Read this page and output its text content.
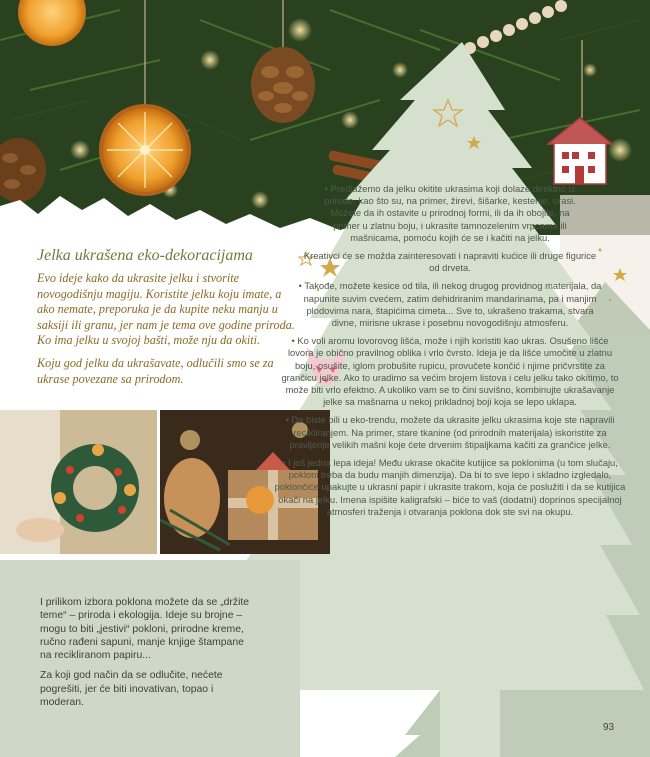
Jelka ukrašena eko-dekoracijama

Evo ideje kako da ukrasite jelku i stvorite novogodišnju magiju. Koristite jelku koju imate, a ako nemate, preporuka je da kupite neku manju u saksiji ili granu, jer nam je tema ove godine priroda. Ko ima jelku u svojoj bašti, može nju da okiti.

Koju god jelku da ukrašavate, odlučili smo se za ukrase povezane sa prirodom.

I prilikom izbora poklona možete da se „držite teme“ – priroda i ekologija. Ideje su brojne – mogu to biti „jestivi“ pokloni, prirodne kreme, ručno rađeni sapuni, manje knjige štampane na recikliranom papiru...

Za koji god način da se odlučite, nećete pogrešiti, jer će biti inovativan, topao i moderan.

• Predlažemo da jelku okitite ukrasima koji dolaze direktno iz prirode, kao što su, na primer, žirevi, šišarke, kestenje, orasi. Možete da ih ostavite u prirodnoj formi, ili da ih obojite, na primer u zlatnu boju, i ukrasite tamnozelenim vrpcama ili mašnicama, pomoću kojih će se i kačiti na jelku.

Kreativci će se možda zainteresovati i napraviti kućice ili druge figurice od drveta.

• Takođe, možete kesice od tila, ili nekog drugog providnog materijala, da napunite suvim cvećem, zatim dehidriranim mandarinama, pa i manjim plodovima nara, štapićima cimeta... Sve to, ukrašeno trakama, stvara divne, mirisne ukrase i posebnu novogodišnju atmosferu.

• Ko voli aromu lovorovog lišća, može i njih koristiti kao ukras. Osušeno lišće lovora je obično pravilnog oblika i vrlo čvrsto. Ideja je da lišće umočite u zlatnu boju, osušite, iglom probušite rupicu, provučete končić i njime pričvrstite za grančicu jelke. Ako to uradimo sa većim brojem listova i celu jelku tako okitimo, to može biti vrlo efektno. A ukoliko vam se to čini suvišno, kombinujte ukrašavanje jelke sa mašnama u nekoj prikladnoj boji koja se lepo uklapa.

• Da biste bili u eko-trendu, možete da ukrasite jelku ukrasima koje ste napravili recikliranjem. Na primer, stare tkanine (od prirodnih materijala) iskoristite za pravljenje velikih mašni koje ćete drvenim štipaljkama kačiti za grančice jelke.

• I još jedna lepa ideja! Među ukrase okačite kutijice sa poklonima (u tom slučaju, pokloni treba da budu manjih dimenzija). Da bi to sve lepo i skladno izgledalo, poklončiće upakujte u ukrasni papir i ukrasite trakom, koja će poslužiti i da se kutijica okači na jelku. Imena ispišite kaligrafski – biće to vaš (dodatni) doprinos specijalnoj atmosferi traženja i otvaranja poklona dok ste svi na okupu.

93
